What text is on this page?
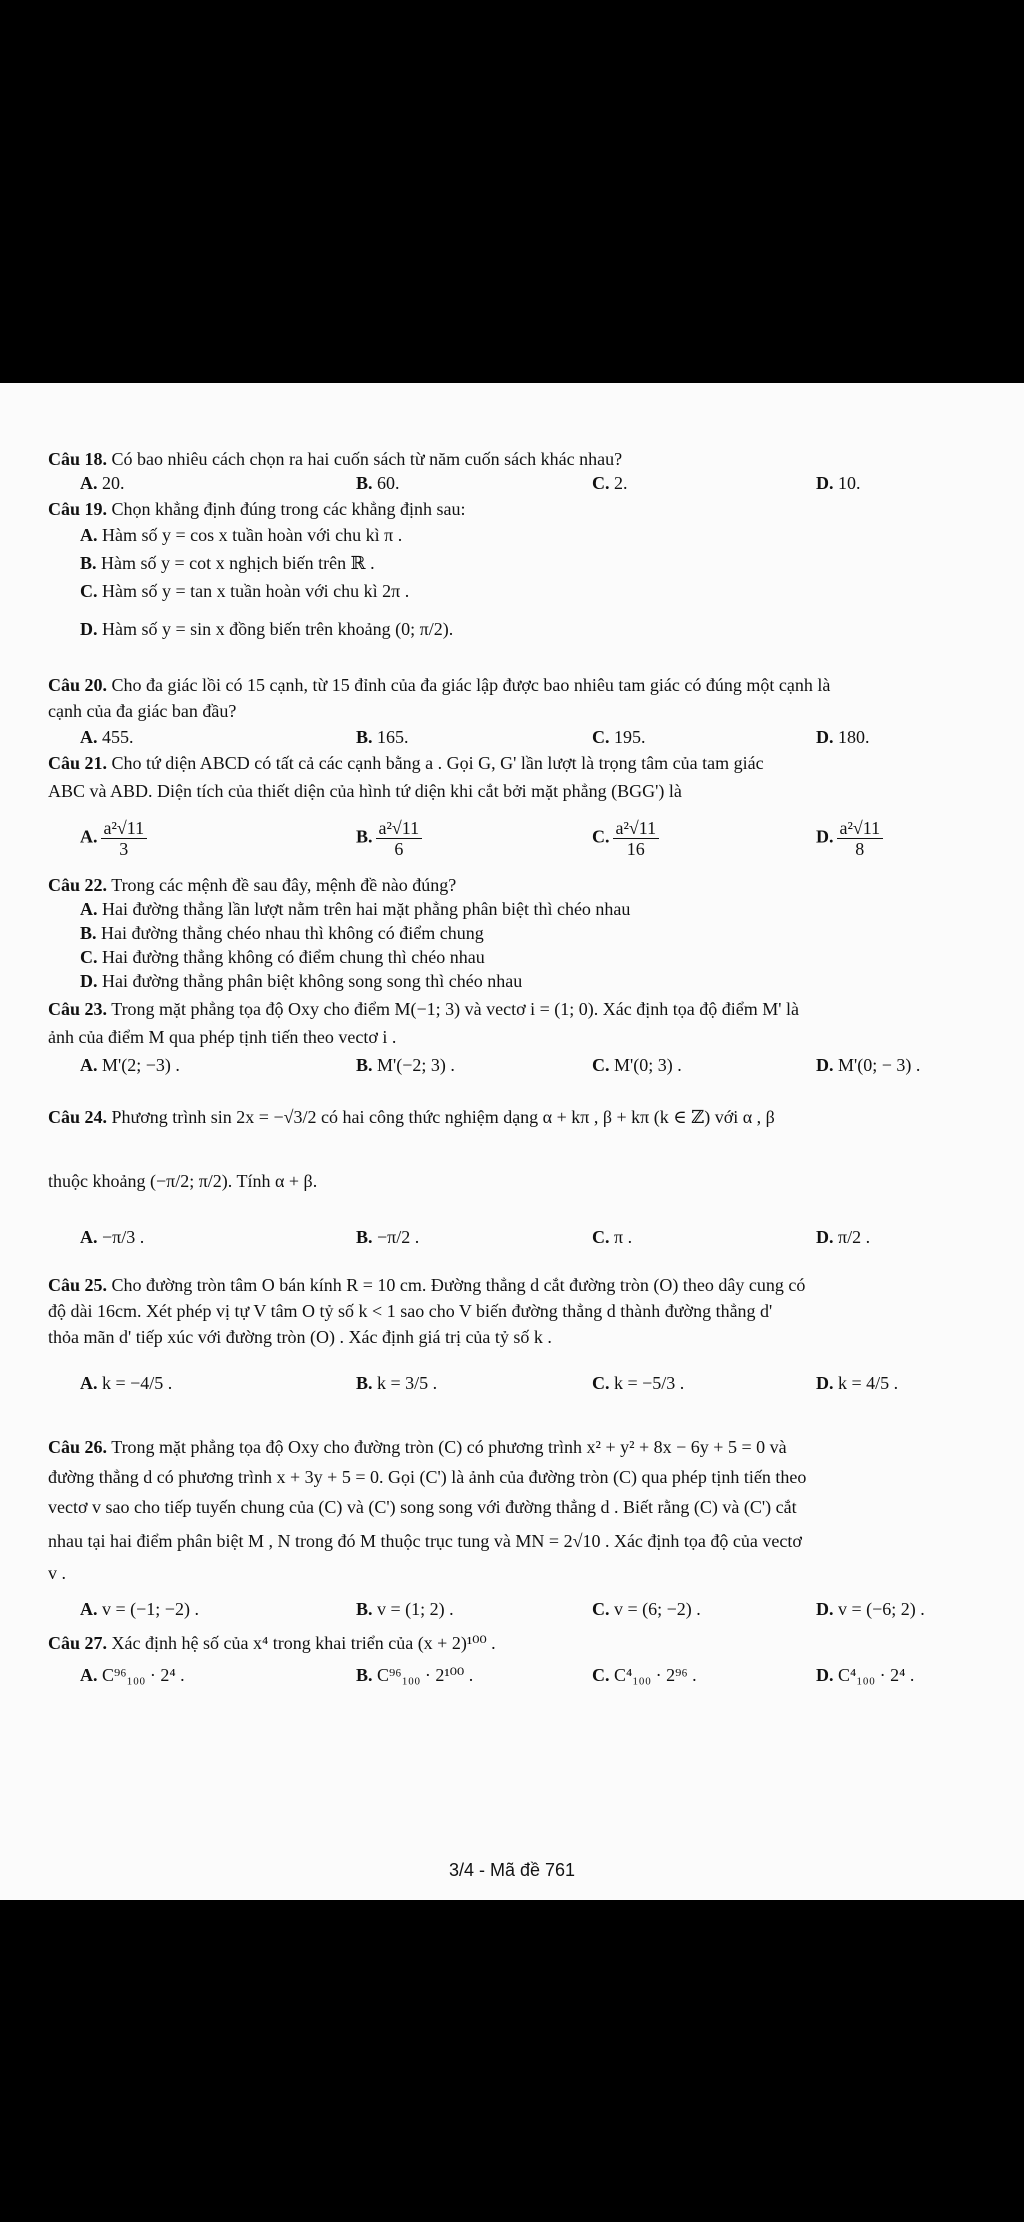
Câu 18. Có bao nhiêu cách chọn ra hai cuốn sách từ năm cuốn sách khác nhau?
A. 20.	B. 60.	C. 2.	D. 10.
Câu 19. Chọn khẳng định đúng trong các khẳng định sau:
A. Hàm số y = cos x tuần hoàn với chu kì π .
B. Hàm số y = cot x nghịch biến trên ℝ .
C. Hàm số y = tan x tuần hoàn với chu kì 2π .
D. Hàm số y = sin x đồng biến trên khoảng (0; π/2).
Câu 20. Cho đa giác lồi có 15 cạnh, từ 15 đỉnh của đa giác lập được bao nhiêu tam giác có đúng một cạnh là
cạnh của đa giác ban đầu?
A. 455.	B. 165.	C. 195.	D. 180.
Câu 21. Cho tứ diện ABCD có tất cả các cạnh bằng a . Gọi G, G' lần lượt là trọng tâm của tam giác
ABC và ABD. Diện tích của thiết diện của hình tứ diện khi cắt bởi mặt phẳng (BGG') là
A. $\frac{\text{a²√11}}{3}$	B. $\frac{\text{a²√11}}{6}$	C. $\frac{\text{a²√11}}{16}$	D. $\frac{\text{a²√11}}{8}$
Câu 22. Trong các mệnh đề sau đây, mệnh đề nào đúng?
A. Hai đường thẳng lần lượt nằm trên hai mặt phẳng phân biệt thì chéo nhau
B. Hai đường thẳng chéo nhau thì không có điểm chung
C. Hai đường thẳng không có điểm chung thì chéo nhau
D. Hai đường thẳng phân biệt không song song thì chéo nhau
Câu 23. Trong mặt phẳng tọa độ Oxy cho điểm M(−1; 3) và vectơ i = (1; 0). Xác định tọa độ điểm M' là
ảnh của điểm M qua phép tịnh tiến theo vectơ i .
A. M'(2; −3) .	B. M'(−2; 3) .	C. M'(0; 3) .	D. M'(0; − 3) .
Câu 24. Phương trình sin 2x = −√3/2 có hai công thức nghiệm dạng α + kπ , β + kπ (k ∈ ℤ) với α , β
thuộc khoảng (−π/2; π/2). Tính α + β.
A. −π/3 .	B. −π/2 .	C. π .	D. π/2 .
Câu 25. Cho đường tròn tâm O bán kính R = 10 cm. Đường thẳng d cắt đường tròn (O) theo dây cung có
độ dài 16cm. Xét phép vị tự V tâm O tỷ số k < 1 sao cho V biến đường thẳng d thành đường thẳng d'
thỏa mãn d' tiếp xúc với đường tròn (O) . Xác định giá trị của tỷ số k .
A. k = −4/5 .	B. k = 3/5 .	C. k = −5/3 .	D. k = 4/5 .
Câu 26. Trong mặt phẳng tọa độ Oxy cho đường tròn (C) có phương trình x² + y² + 8x − 6y + 5 = 0 và
đường thẳng d có phương trình x + 3y + 5 = 0. Gọi (C') là ảnh của đường tròn (C) qua phép tịnh tiến theo
vectơ v sao cho tiếp tuyến chung của (C) và (C') song song với đường thẳng d . Biết rằng (C) và (C') cắt
nhau tại hai điểm phân biệt M , N trong đó M thuộc trục tung và MN = 2√10 . Xác định tọa độ của vectơ
v .
A. v = (−1; −2) .	B. v = (1; 2) .	C. v = (6; −2) .	D. v = (−6; 2) .
Câu 27. Xác định hệ số của x⁴ trong khai triển của (x + 2)¹⁰⁰ .
A. C⁹⁶₁₀₀ · 2⁴ .	B. C⁹⁶₁₀₀ · 2¹⁰⁰ .	C. C⁴₁₀₀ · 2⁹⁶ .	D. C⁴₁₀₀ · 2⁴ .
3/4 - Mã đề 761
